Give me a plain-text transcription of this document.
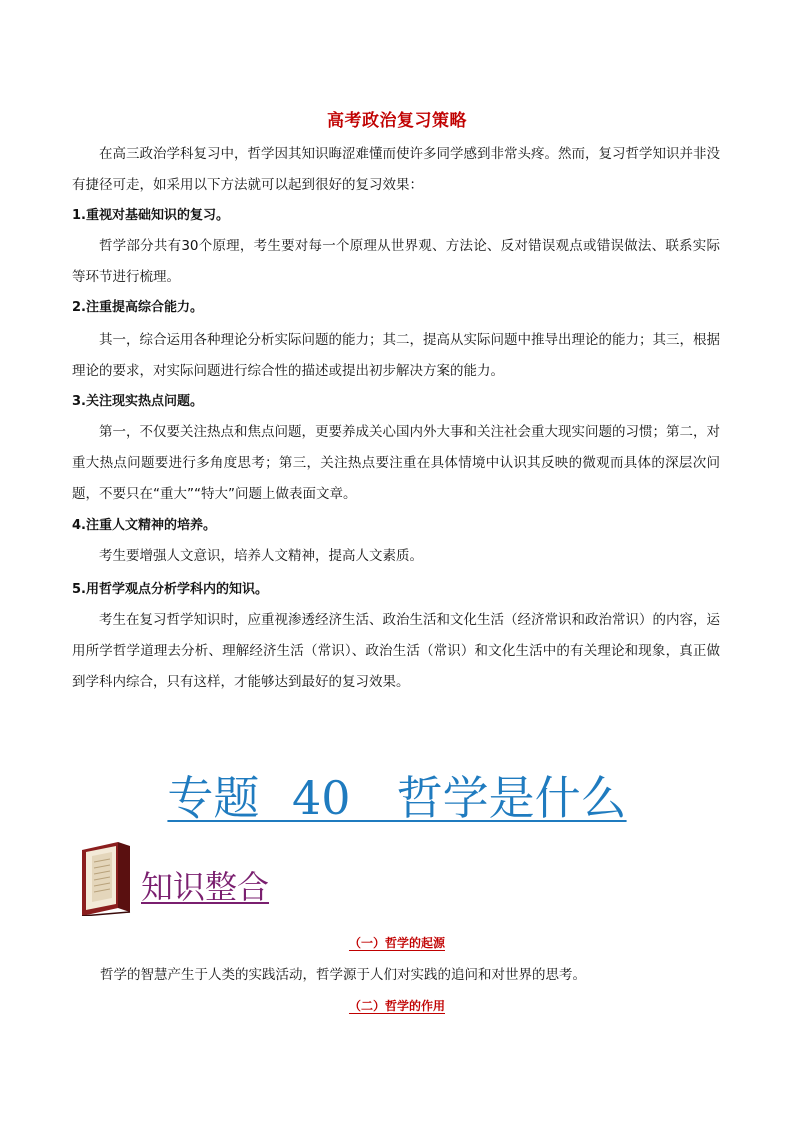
高考政治复习策略

在高三政治学科复习中，哲学因其知识晦涩难懂而使许多同学感到非常头疼。然而，复习哲学知识并非没有捷径可走，如采用以下方法就可以起到很好的复习效果：

1.重视对基础知识的复习。

哲学部分共有30个原理，考生要对每一个原理从世界观、方法论、反对错误观点或错误做法、联系实际等环节进行梳理。

2.注重提高综合能力。

其一，综合运用各种理论分析实际问题的能力；其二，提高从实际问题中推导出理论的能力；其三，根据理论的要求，对实际问题进行综合性的描述或提出初步解决方案的能力。

3.关注现实热点问题。

第一，不仅要关注热点和焦点问题，更要养成关心国内外大事和关注社会重大现实问题的习惯；第二，对重大热点问题要进行多角度思考；第三，关注热点要注重在具体情境中认识其反映的微观而具体的深层次问题，不要只在“重大”“特大”问题上做表面文章。

4.注重人文精神的培养。

考生要增强人文意识，培养人文精神，提高人文素质。

5.用哲学观点分析学科内的知识。

考生在复习哲学知识时，应重视渗透经济生活、政治生活和文化生活（经济常识和政治常识）的内容，运用所学哲学道理去分析、理解经济生活（常识）、政治生活（常识）和文化生活中的有关理论和现象，真正做到学科内综合，只有这样，才能够达到最好的复习效果。

专题 40　哲学是什么
知识整合
（一）哲学的起源

哲学的智慧产生于人类的实践活动，哲学源于人们对实践的追问和对世界的思考。

（二）哲学的作用
